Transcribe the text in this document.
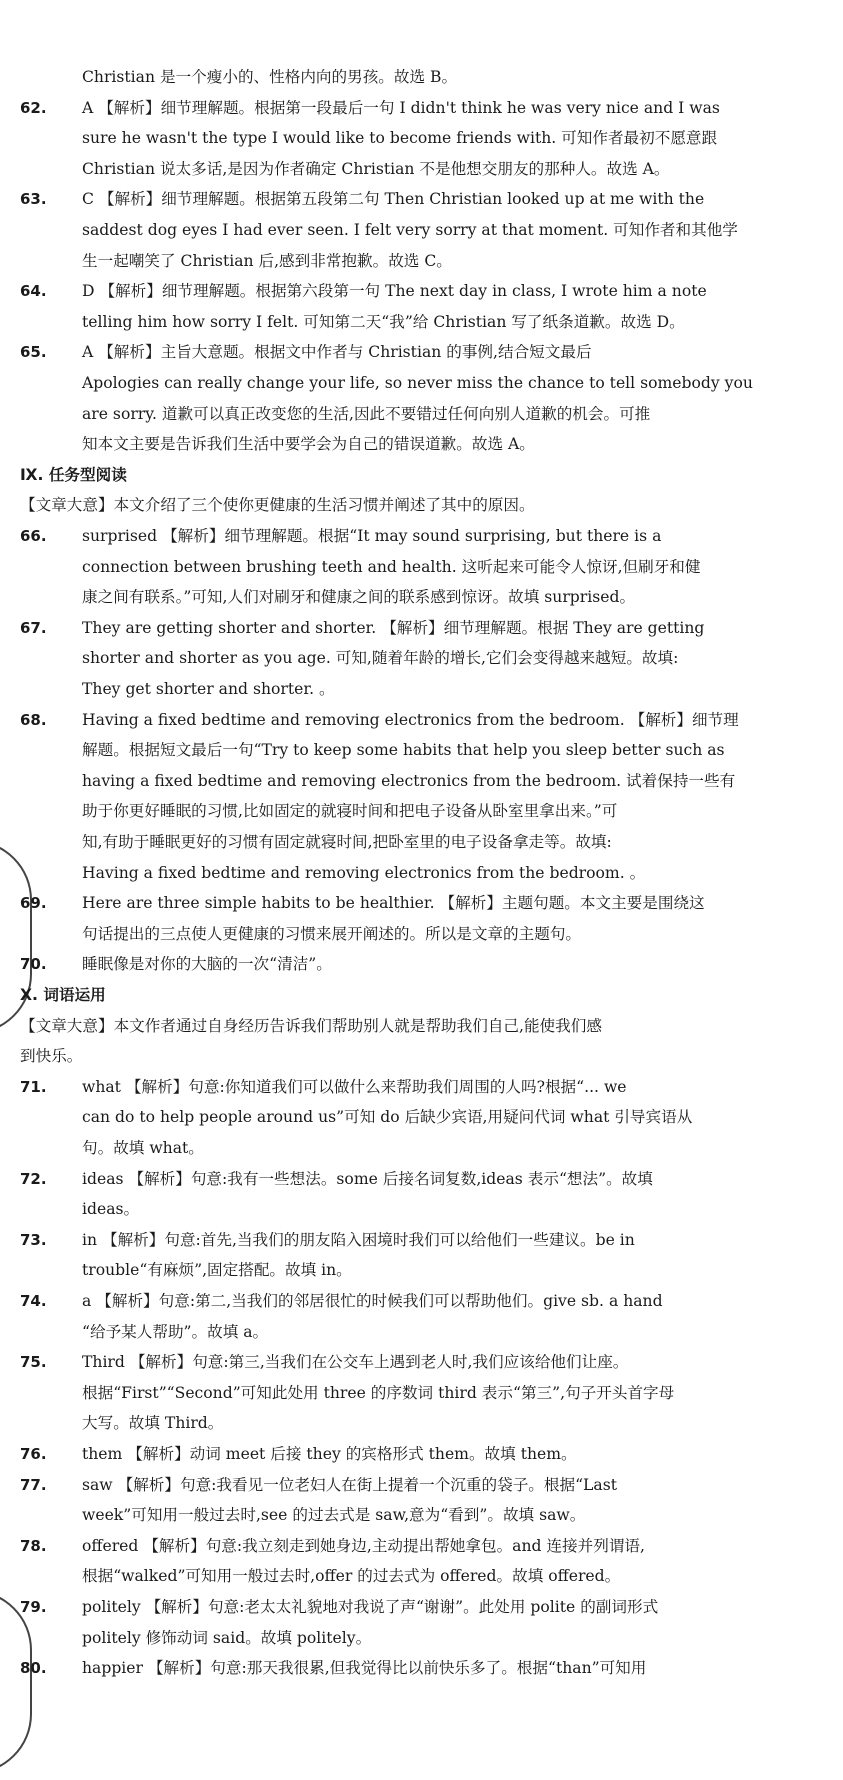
Christian 是一个瘦小的、性格内向的男孩。故选 B。
62.	A 【解析】细节理解题。根据第一段最后一句 I didn't think he was very nice and I was
sure he wasn't the type I would like to become friends with. 可知作者最初不愿意跟
Christian 说太多话,是因为作者确定 Christian 不是他想交朋友的那种人。故选 A。
63.	C 【解析】细节理解题。根据第五段第二句 Then Christian looked up at me with the
saddest dog eyes I had ever seen. I felt very sorry at that moment. 可知作者和其他学
生一起嘲笑了 Christian 后,感到非常抱歉。故选 C。
64.	D 【解析】细节理解题。根据第六段第一句 The next day in class, I wrote him a note
telling him how sorry I felt. 可知第二天“我”给 Christian 写了纸条道歉。故选 D。
65.	A 【解析】主旨大意题。根据文中作者与 Christian 的事例,结合短文最后
Apologies can really change your life, so never miss the chance to tell somebody you
are sorry. 道歉可以真正改变您的生活,因此不要错过任何向别人道歉的机会。可推
知本文主要是告诉我们生活中要学会为自己的错误道歉。故选 A。
Ⅸ. 任务型阅读
【文章大意】本文介绍了三个使你更健康的生活习惯并阐述了其中的原因。
66.	surprised 【解析】细节理解题。根据“It may sound surprising, but there is a
connection between brushing teeth and health. 这听起来可能令人惊讶,但刷牙和健
康之间有联系。”可知,人们对刷牙和健康之间的联系感到惊讶。故填 surprised。
67.	They are getting shorter and shorter. 【解析】细节理解题。根据 They are getting
shorter and shorter as you age. 可知,随着年龄的增长,它们会变得越来越短。故填:
They get shorter and shorter. 。
68.	Having a fixed bedtime and removing electronics from the bedroom. 【解析】细节理
解题。根据短文最后一句“Try to keep some habits that help you sleep better such as
having a fixed bedtime and removing electronics from the bedroom. 试着保持一些有
助于你更好睡眠的习惯,比如固定的就寝时间和把电子设备从卧室里拿出来。”可
知,有助于睡眠更好的习惯有固定就寝时间,把卧室里的电子设备拿走等。故填:
Having a fixed bedtime and removing electronics from the bedroom. 。
69.	Here are three simple habits to be healthier. 【解析】主题句题。本文主要是围绕这
句话提出的三点使人更健康的习惯来展开阐述的。所以是文章的主题句。
70.	睡眠像是对你的大脑的一次“清洁”。
Ⅹ. 词语运用
【文章大意】本文作者通过自身经历告诉我们帮助别人就是帮助我们自己,能使我们感
到快乐。
71.	what 【解析】句意:你知道我们可以做什么来帮助我们周围的人吗?根据“... we
can do to help people around us”可知 do 后缺少宾语,用疑问代词 what 引导宾语从
句。故填 what。
72.	ideas 【解析】句意:我有一些想法。some 后接名词复数,ideas 表示“想法”。故填
ideas。
73.	in 【解析】句意:首先,当我们的朋友陷入困境时我们可以给他们一些建议。be in
trouble“有麻烦”,固定搭配。故填 in。
74.	a 【解析】句意:第二,当我们的邻居很忙的时候我们可以帮助他们。give sb. a hand
“给予某人帮助”。故填 a。
75.	Third 【解析】句意:第三,当我们在公交车上遇到老人时,我们应该给他们让座。
根据“First”“Second”可知此处用 three 的序数词 third 表示“第三”,句子开头首字母
大写。故填 Third。
76.	them 【解析】动词 meet 后接 they 的宾格形式 them。故填 them。
77.	saw 【解析】句意:我看见一位老妇人在街上提着一个沉重的袋子。根据“Last
week”可知用一般过去时,see 的过去式是 saw,意为“看到”。故填 saw。
78.	offered 【解析】句意:我立刻走到她身边,主动提出帮她拿包。and 连接并列谓语,
根据“walked”可知用一般过去时,offer 的过去式为 offered。故填 offered。
79.	politely 【解析】句意:老太太礼貌地对我说了声“谢谢”。此处用 polite 的副词形式
politely 修饰动词 said。故填 politely。
80.	happier 【解析】句意:那天我很累,但我觉得比以前快乐多了。根据“than”可知用
